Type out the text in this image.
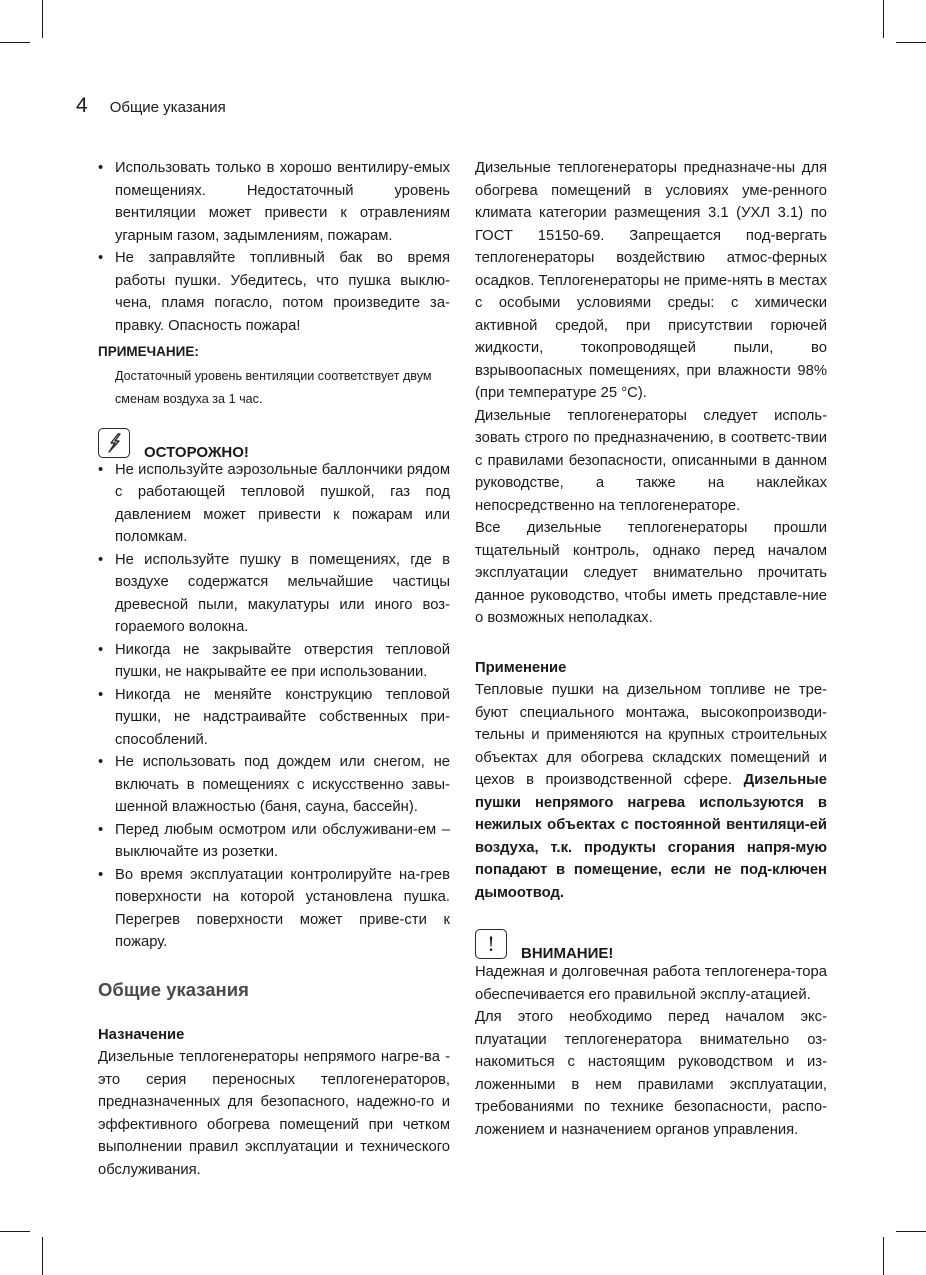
4 Общие указания
• Использовать только в хорошо вентилиру-емых помещениях. Недостаточный уровень вентиляции может привести к отравлениям угарным газом, задымлениям, пожарам.
• Не заправляйте топливный бак во время работы пушки. Убедитесь, что пушка выклю-чена, пламя погасло, потом произведите за-правку. Опасность пожара!
ПРИМЕЧАНИЕ:
Достаточный уровень вентиляции соответствует двум сменам воздуха за 1 час.
ОСТОРОЖНО!
• Не используйте аэрозольные баллончики рядом с работающей тепловой пушкой, газ под давлением может привести к пожарам или поломкам.
• Не используйте пушку в помещениях, где в воздухе содержатся мельчайшие частицы древесной пыли, макулатуры или иного воз-гораемого волокна.
• Никогда не закрывайте отверстия тепловой пушки, не накрывайте ее при использовании.
• Никогда не меняйте конструкцию тепловой пушки, не надстраивайте собственных при-способлений.
• Не использовать под дождем или снегом, не включать в помещениях с искусственно завы-шенной влажностью (баня, сауна, бассейн).
• Перед любым осмотром или обслуживани-ем – выключайте из розетки.
• Во время эксплуатации контролируйте на-грев поверхности на которой установлена пушка. Перегрев поверхности может приве-сти к пожару.
Общие указания
Назначение

Дизельные теплогенераторы непрямого нагре-ва - это серия переносных теплогенераторов, предназначенных для безопасного, надежно-го и эффективного обогрева помещений при четком выполнении правил эксплуатации и технического обслуживания.

Дизельные теплогенераторы предназначе-ны для обогрева помещений в условиях уме-ренного климата категории размещения 3.1 (УХЛ 3.1) по ГОСТ 15150-69. Запрещается под-вергать теплогенераторы воздействию атмос-ферных осадков. Теплогенераторы не приме-нять в местах с особыми условиями среды: с химически активной средой, при присутствии горючей жидкости, токопроводящей пыли, во взрывоопасных помещениях, при влажности 98% (при температуре 25 °С).

Дизельные теплогенераторы следует исполь-зовать строго по предназначению, в соответс-твии с правилами безопасности, описанными в данном руководстве, а также на наклейках непосредственно на теплогенераторе.

Все дизельные теплогенераторы прошли тщательный контроль, однако перед началом эксплуатации следует внимательно прочитать данное руководство, чтобы иметь представле-ние о возможных неполадках.

Применение

Тепловые пушки на дизельном топливе не тре-буют специального монтажа, высокопроизводи-тельны и применяются на крупных строительных объектах для обогрева складских помещений и цехов в производственной сфере. Дизельные пушки непрямого нагрева используются в нежилых объектах с постоянной вентиляци-ей воздуха, т.к. продукты сгорания напря-мую попадают в помещение, если не под-ключен дымоотвод.

!	ВНИМАНИЕ!

Надежная и долговечная работа теплогенера-тора обеспечивается его правильной эксплу-атацией.

Для этого необходимо перед началом экс-плуатации теплогенератора внимательно оз-накомиться с настоящим руководством и из-ложенными в нем правилами эксплуатации, требованиями по технике безопасности, распо-ложением и назначением органов управления.
